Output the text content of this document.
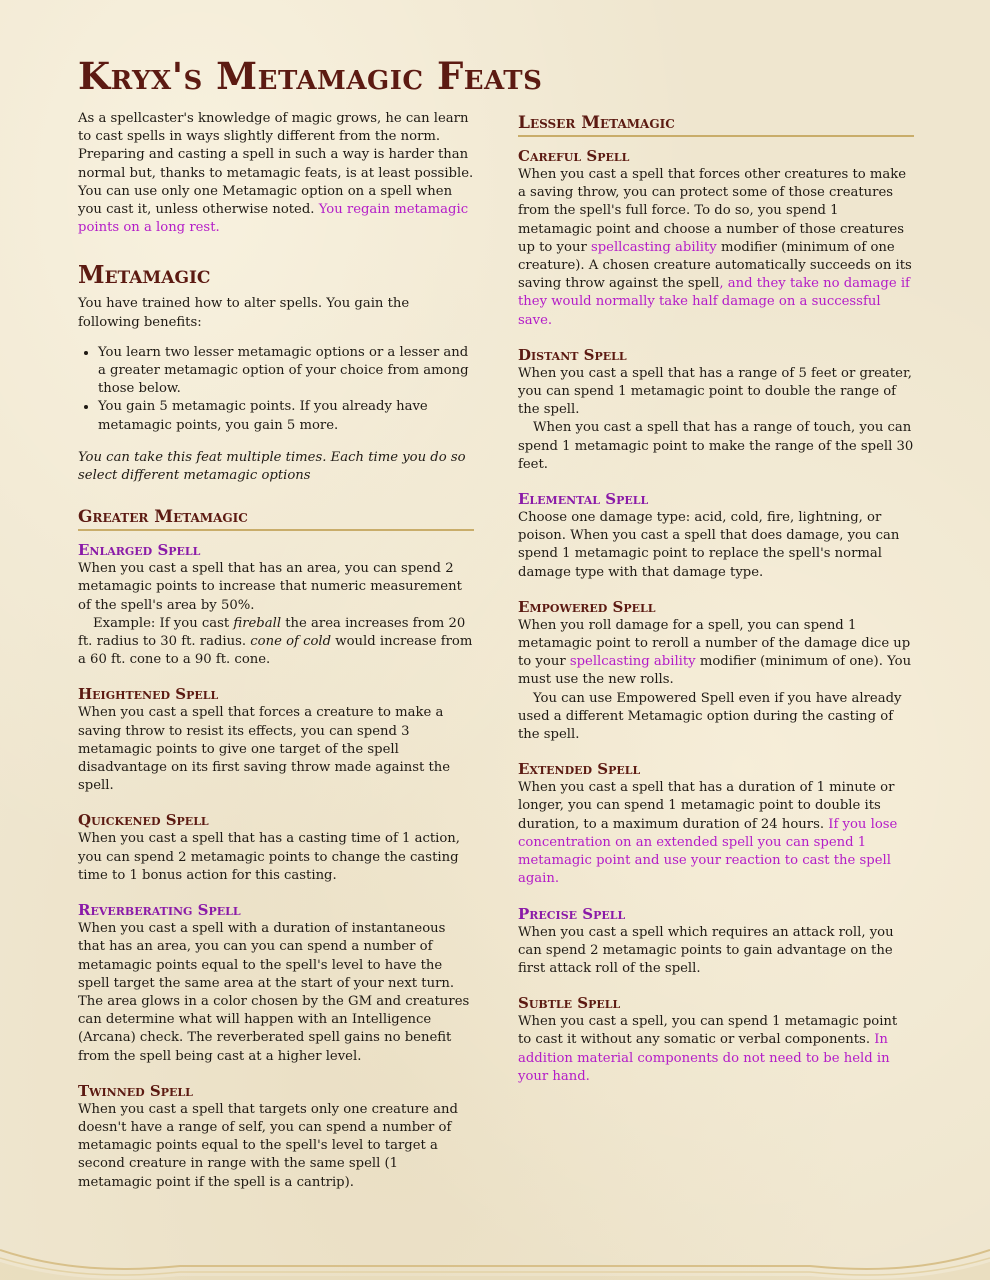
Kryx's Metamagic Feats

As a spellcaster's knowledge of magic grows, he can learn to cast spells in ways slightly different from the norm. Preparing and casting a spell in such a way is harder than normal but, thanks to metamagic feats, is at least possible. You can use only one Metamagic option on a spell when you cast it, unless otherwise noted. You regain metamagic points on a long rest.

Metamagic

You have trained how to alter spells. You gain the following benefits:

• You learn two lesser metamagic options or a lesser and a greater metamagic option of your choice from among those below.
• You gain 5 metamagic points. If you already have metamagic points, you gain 5 more.

You can take this feat multiple times. Each time you do so select different metamagic options

Greater Metamagic
Enlarged Spell

When you cast a spell that has an area, you can spend 2 metamagic points to increase that numeric measurement of the spell's area by 50%.

Example: If you cast fireball the area increases from 20 ft. radius to 30 ft. radius. cone of cold would increase from a 60 ft. cone to a 90 ft. cone.

Heightened Spell

When you cast a spell that forces a creature to make a saving throw to resist its effects, you can spend 3 metamagic points to give one target of the spell disadvantage on its first saving throw made against the spell.

Quickened Spell

When you cast a spell that has a casting time of 1 action, you can spend 2 metamagic points to change the casting time to 1 bonus action for this casting.

Reverberating Spell

When you cast a spell with a duration of instantaneous that has an area, you can you can spend a number of metamagic points equal to the spell's level to have the spell target the same area at the start of your next turn. The area glows in a color chosen by the GM and creatures can determine what will happen with an Intelligence (Arcana) check. The reverberated spell gains no benefit from the spell being cast at a higher level.

Twinned Spell

When you cast a spell that targets only one creature and doesn't have a range of self, you can spend a number of metamagic points equal to the spell's level to target a second creature in range with the same spell (1 metamagic point if the spell is a cantrip).

Lesser Metamagic
Careful Spell

When you cast a spell that forces other creatures to make a saving throw, you can protect some of those creatures from the spell's full force. To do so, you spend 1 metamagic point and choose a number of those creatures up to your spellcasting ability modifier (minimum of one creature). A chosen creature automatically succeeds on its saving throw against the spell, and they take no damage if they would normally take half damage on a successful save.

Distant Spell

When you cast a spell that has a range of 5 feet or greater, you can spend 1 metamagic point to double the range of the spell.

When you cast a spell that has a range of touch, you can spend 1 metamagic point to make the range of the spell 30 feet.

Elemental Spell

Choose one damage type: acid, cold, fire, lightning, or poison. When you cast a spell that does damage, you can spend 1 metamagic point to replace the spell's normal damage type with that damage type.

Empowered Spell

When you roll damage for a spell, you can spend 1 metamagic point to reroll a number of the damage dice up to your spellcasting ability modifier (minimum of one). You must use the new rolls.

You can use Empowered Spell even if you have already used a different Metamagic option during the casting of the spell.

Extended Spell

When you cast a spell that has a duration of 1 minute or longer, you can spend 1 metamagic point to double its duration, to a maximum duration of 24 hours. If you lose concentration on an extended spell you can spend 1 metamagic point and use your reaction to cast the spell again.

Precise Spell

When you cast a spell which requires an attack roll, you can spend 2 metamagic points to gain advantage on the first attack roll of the spell.

Subtle Spell

When you cast a spell, you can spend 1 metamagic point to cast it without any somatic or verbal components. In addition material components do not need to be held in your hand.
